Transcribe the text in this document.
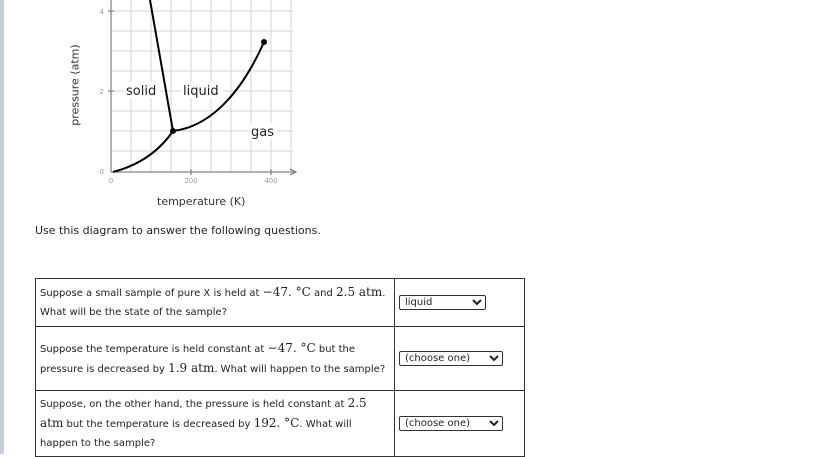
4
2
0
0	200	400
solid liquid
gas
pressure (atm)
temperature (K)
Use this diagram to answer the following questions.
Suppose a small sample of pure X is held at −47. °C and 2.5 atm. What will be the state of the sample?	
liquid
Suppose the temperature is held constant at −47. °C but the pressure is decreased by 1.9 atm. What will happen to the sample?	
(choose one)
Suppose, on the other hand, the pressure is held constant at 2.5 atm but the temperature is decreased by 192. °C. What will happen to the sample?	
(choose one)
